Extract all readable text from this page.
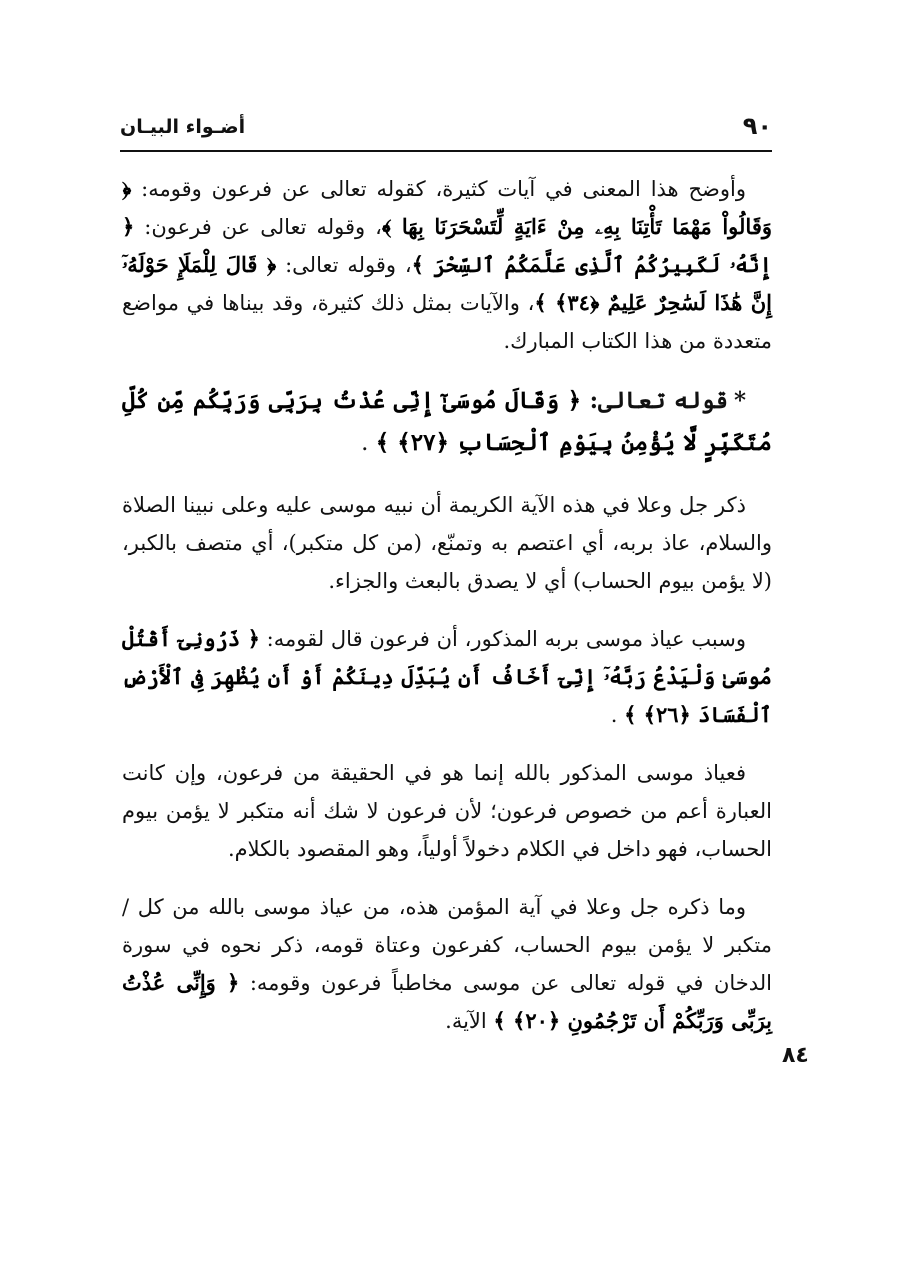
٩٠
أضـواء البيـان

وأوضح هذا المعنى في آيات كثيرة، كقوله تعالى عن فرعون وقومه: ﴿ وَقَالُواْ مَهْمَا تَأْتِنَا بِهِۦ مِنْ ءَايَةٍ لِّتَسْحَرَنَا بِهَا ﴾، وقوله تعالى عن فرعون: ﴿ إِنَّهُۥ لَكَبِيرُكُمُ ٱلَّذِى عَلَّمَكُمُ ٱلسِّحْرَ ﴾، وقوله تعالى: ﴿ قَالَ لِلْمَلَإِ حَوْلَهُۥٓ إِنَّ هَٰذَا لَسَٰحِرٌ عَلِيمٌ ﴿٣٤﴾ ﴾، والآيات بمثل ذلك كثيرة، وقد بيناها في مواضع متعددة من هذا الكتاب المبارك.

*قوله تعالى: ﴿ وَقَالَ مُوسَىٰٓ إِنِّى عُذْتُ بِرَبِّى وَرَبِّكُم مِّن كُلِّ مُتَكَبِّرٍ لَّا يُؤْمِنُ بِيَوْمِ ٱلْحِسَابِ ﴿٢٧﴾ ﴾ .

ذكر جل وعلا في هذه الآية الكريمة أن نبيه موسى عليه وعلى نبينا الصلاة والسلام، عاذ بربه، أي اعتصم به وتمنّع، (من كل متكبر)، أي متصف بالكبر، (لا يؤمن بيوم الحساب) أي لا يصدق بالبعث والجزاء.

وسبب عياذ موسى بربه المذكور، أن فرعون قال لقومه: ﴿ ذَرُونِىٓ أَقْتُلْ مُوسَىٰ وَلْيَدْعُ رَبَّهُۥٓ إِنِّىٓ أَخَافُ أَن يُبَدِّلَ دِينَكُمْ أَوْ أَن يُظْهِرَ فِى ٱلْأَرْضِ ٱلْفَسَادَ ﴿٢٦﴾ ﴾ .

فعياذ موسى المذكور بالله إنما هو في الحقيقة من فرعون، وإن كانت العبارة أعم من خصوص فرعون؛ لأن فرعون لا شك أنه متكبر لا يؤمن بيوم الحساب، فهو داخل في الكلام دخولاً أولياً، وهو المقصود بالكلام.

وما ذكره جل وعلا في آية المؤمن هذه، من عياذ موسى بالله من كل / متكبر لا يؤمن بيوم الحساب، كفرعون وعتاة قومه، ذكر نحوه في سورة الدخان في قوله تعالى عن موسى مخاطباً فرعون وقومه: ﴿ وَإِنِّى عُذْتُ بِرَبِّى وَرَبِّكُمْ أَن تَرْجُمُونِ ﴿٢٠﴾ ﴾ الآية.

٨٤
